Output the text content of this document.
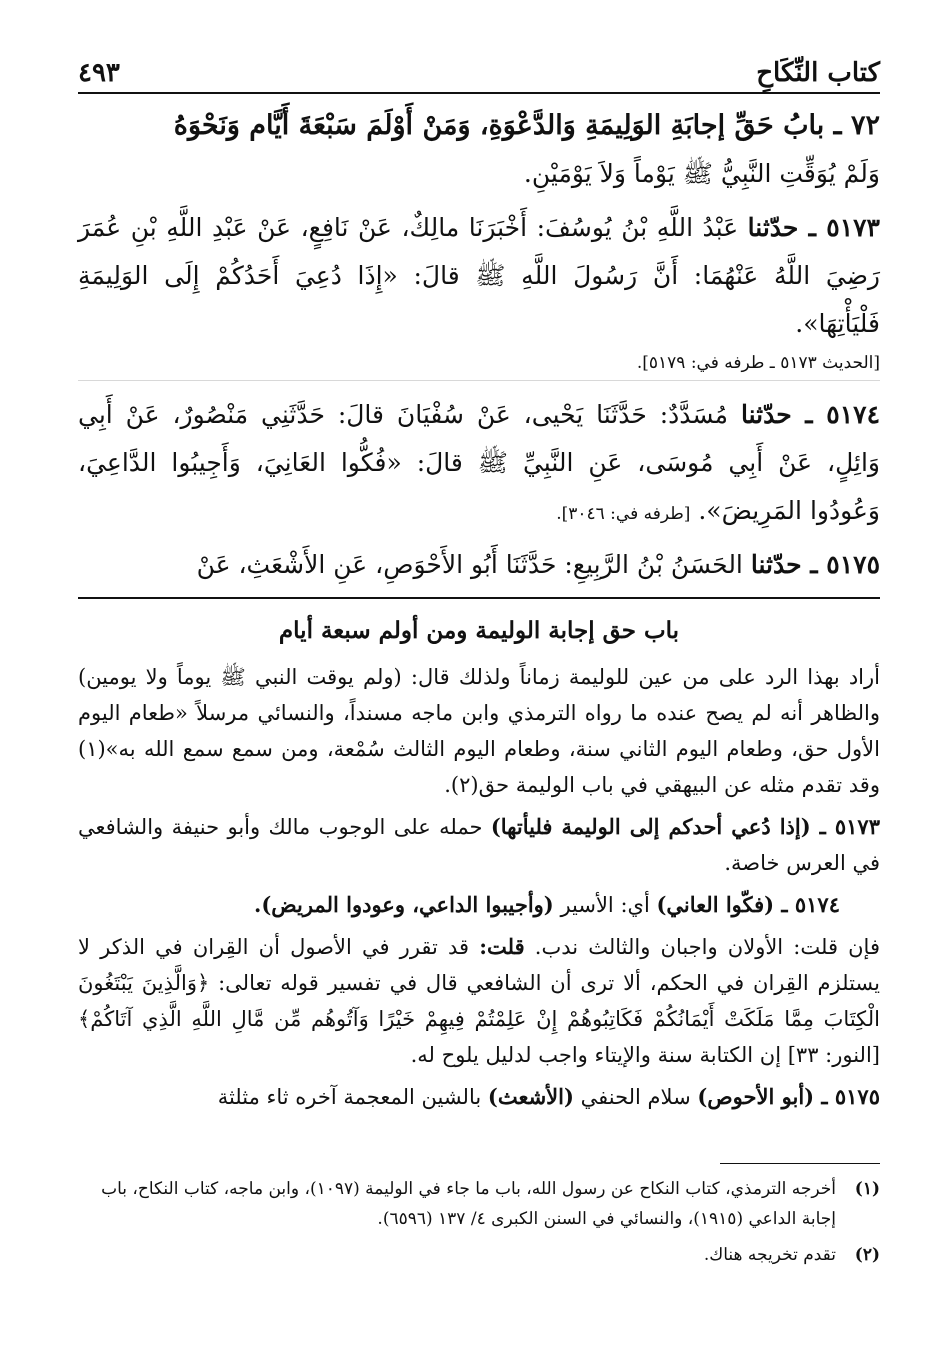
كتاب النِّكَاحِ
٤٩٣

٧٢ ـ بابُ حَقِّ إجابَةِ الوَلِيمَةِ وَالدَّعْوَةِ، وَمَنْ أَوْلَمَ سَبْعَةَ أَيَّام وَنَحْوَهُ
وَلَمْ يُوَقِّتِ النَّبِيُّ ﷺ يَوْماً وَلاَ يَوْمَيْنِ.

٥١٧٣ ـ حدّثنا عَبْدُ اللَّهِ بْنُ يُوسُفَ: أَخْبَرَنَا مالِكٌ، عَنْ نَافِعٍ، عَنْ عَبْدِ اللَّهِ بْنِ عُمَرَ رَضِيَ اللَّهُ عَنْهُمَا: أَنَّ رَسُولَ اللَّهِ ﷺ قالَ: «إِذَا دُعِيَ أَحَدُكُمْ إِلَى الوَلِيمَةِ فَلْيَأْتِهَا».

[الحديث ٥١٧٣ ـ طرفه في: ٥١٧٩].

٥١٧٤ ـ حدّثنا مُسَدَّدٌ: حَدَّثَنَا يَحْيى، عَنْ سُفْيَانَ قالَ: حَدَّثَنِي مَنْصُورٌ، عَنْ أَبِي وَائِلٍ، عَنْ أَبِي مُوسَى، عَنِ النَّبِيِّ ﷺ قالَ: «فُكُّوا العَانِيَ، وَأَجِيبُوا الدَّاعِيَ، وَعُودُوا المَرِيضَ». [طرفه في: ٣٠٤٦].

٥١٧٥ ـ حدّثنا الحَسَنُ بْنُ الرَّبِيعِ: حَدَّثَنَا أَبُو الأَحْوَصِ، عَنِ الأَشْعَثِ، عَنْ

باب حق إجابة الوليمة ومن أولم سبعة أيام

أراد بهذا الرد على من عين للوليمة زماناً ولذلك قال: (ولم يوقت النبي ﷺ يوماً ولا يومين) والظاهر أنه لم يصح عنده ما رواه الترمذي وابن ماجه مسنداً، والنسائي مرسلاً «طعام اليوم الأول حق، وطعام اليوم الثاني سنة، وطعام اليوم الثالث سُمْعة، ومن سمع سمع الله به»(١) وقد تقدم مثله عن البيهقي في باب الوليمة حق(٢).

٥١٧٣ ـ (إذا دُعي أحدكم إلى الوليمة فليأتها) حمله على الوجوب مالك وأبو حنيفة والشافعي في العرس خاصة.

٥١٧٤ ـ (فكّوا العاني) أي: الأسير (وأجيبوا الداعي، وعودوا المريض).

فإن قلت: الأولان واجبان والثالث ندب. قلت: قد تقرر في الأصول أن القِران في الذكر لا يستلزم القِران في الحكم، ألا ترى أن الشافعي قال في تفسير قوله تعالى: ﴿وَالَّذِينَ يَبْتَغُونَ الْكِتَابَ مِمَّا مَلَكَتْ أَيْمَانُكُمْ فَكَاتِبُوهُمْ إِنْ عَلِمْتُمْ فِيهِمْ خَيْرًا وَآتُوهُم مِّن مَّالِ اللَّهِ الَّذِي آتَاكُمْ﴾ [النور: ٣٣] إن الكتابة سنة والإيتاء واجب لدليل يلوح له.

٥١٧٥ ـ (أبو الأحوص) سلام الحنفي (الأشعث) بالشين المعجمة آخره ثاء مثلثة

(١)
أخرجه الترمذي، كتاب النكاح عن رسول الله، باب ما جاء في الوليمة (١٠٩٧)، وابن ماجه، كتاب النكاح، باب إجابة الداعي (١٩١٥)، والنسائي في السنن الكبرى ٤/ ١٣٧ (٦٥٩٦).
(٢)
تقدم تخريجه هناك.
